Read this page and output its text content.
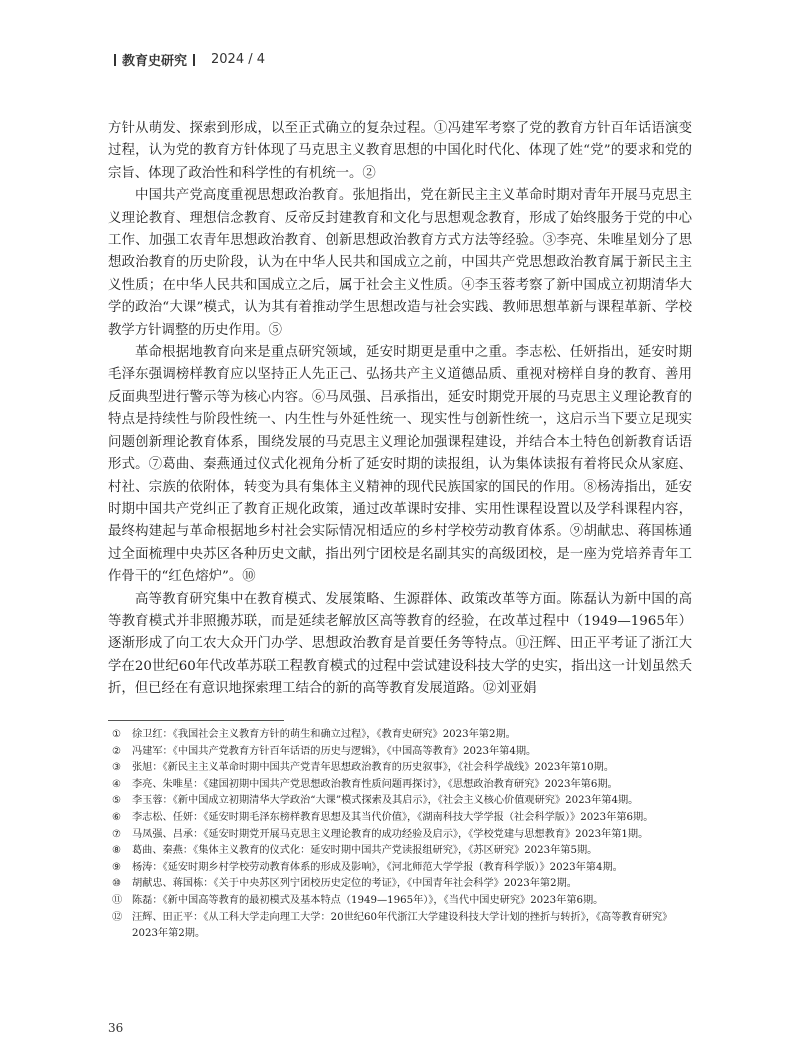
教育史研究 2024 / 4

方针从萌发、探索到形成，以至正式确立的复杂过程。①冯建军考察了党的教育方针百年话语演变过程，认为党的教育方针体现了马克思主义教育思想的中国化时代化、体现了姓“党”的要求和党的宗旨、体现了政治性和科学性的有机统一。②

中国共产党高度重视思想政治教育。张旭指出，党在新民主主义革命时期对青年开展马克思主义理论教育、理想信念教育、反帝反封建教育和文化与思想观念教育，形成了始终服务于党的中心工作、加强工农青年思想政治教育、创新思想政治教育方式方法等经验。③李亮、朱唯星划分了思想政治教育的历史阶段，认为在中华人民共和国成立之前，中国共产党思想政治教育属于新民主主义性质；在中华人民共和国成立之后，属于社会主义性质。④李玉蓉考察了新中国成立初期清华大学的政治“大课”模式，认为其有着推动学生思想改造与社会实践、教师思想革新与课程革新、学校教学方针调整的历史作用。⑤

革命根据地教育向来是重点研究领域，延安时期更是重中之重。李志松、任妍指出，延安时期毛泽东强调榜样教育应以坚持正人先正己、弘扬共产主义道德品质、重视对榜样自身的教育、善用反面典型进行警示等为核心内容。⑥马凤强、吕承指出，延安时期党开展的马克思主义理论教育的特点是持续性与阶段性统一、内生性与外延性统一、现实性与创新性统一，这启示当下要立足现实问题创新理论教育体系，围绕发展的马克思主义理论加强课程建设，并结合本土特色创新教育话语形式。⑦葛曲、秦燕通过仪式化视角分析了延安时期的读报组，认为集体读报有着将民众从家庭、村社、宗族的依附体，转变为具有集体主义精神的现代民族国家的国民的作用。⑧杨涛指出，延安时期中国共产党纠正了教育正规化政策，通过改革课时安排、实用性课程设置以及学科课程内容，最终构建起与革命根据地乡村社会实际情况相适应的乡村学校劳动教育体系。⑨胡献忠、蒋国栋通过全面梳理中央苏区各种历史文献，指出列宁团校是名副其实的高级团校，是一座为党培养青年工作骨干的“红色熔炉”。⑩

高等教育研究集中在教育模式、发展策略、生源群体、政策改革等方面。陈磊认为新中国的高等教育模式并非照搬苏联，而是延续老解放区高等教育的经验，在改革过程中（1949—1965年）逐渐形成了向工农大众开门办学、思想政治教育是首要任务等特点。⑪汪辉、田正平考证了浙江大学在20世纪60年代改革苏联工程教育模式的过程中尝试建设科技大学的史实，指出这一计划虽然夭折，但已经在有意识地探索理工结合的新的高等教育发展道路。⑫刘亚娟

① 徐卫红：《我国社会主义教育方针的萌生和确立过程》，《教育史研究》2023年第2期。
② 冯建军：《中国共产党教育方针百年话语的历史与逻辑》，《中国高等教育》2023年第4期。
③ 张旭：《新民主主义革命时期中国共产党青年思想政治教育的历史叙事》，《社会科学战线》2023年第10期。
④ 李亮、朱唯星：《建国初期中国共产党思想政治教育性质问题再探讨》，《思想政治教育研究》2023年第6期。
⑤ 李玉蓉：《新中国成立初期清华大学政治“大课”模式探索及其启示》，《社会主义核心价值观研究》2023年第4期。
⑥ 李志松、任妍：《延安时期毛泽东榜样教育思想及其当代价值》，《湖南科技大学学报（社会科学版）》2023年第6期。
⑦ 马凤强、吕承：《延安时期党开展马克思主义理论教育的成功经验及启示》，《学校党建与思想教育》2023年第1期。
⑧ 葛曲、秦燕：《集体主义教育的仪式化：延安时期中国共产党读报组研究》，《苏区研究》2023年第5期。
⑨ 杨涛：《延安时期乡村学校劳动教育体系的形成及影响》，《河北师范大学学报（教育科学版）》2023年第4期。
⑩ 胡献忠、蒋国栋：《关于中央苏区列宁团校历史定位的考证》，《中国青年社会科学》2023年第2期。
⑪ 陈磊：《新中国高等教育的最初模式及基本特点（1949—1965年）》，《当代中国史研究》2023年第6期。
⑫ 汪辉、田正平：《从工科大学走向理工大学：20世纪60年代浙江大学建设科技大学计划的挫折与转折》，《高等教育研究》2023年第2期。
36
